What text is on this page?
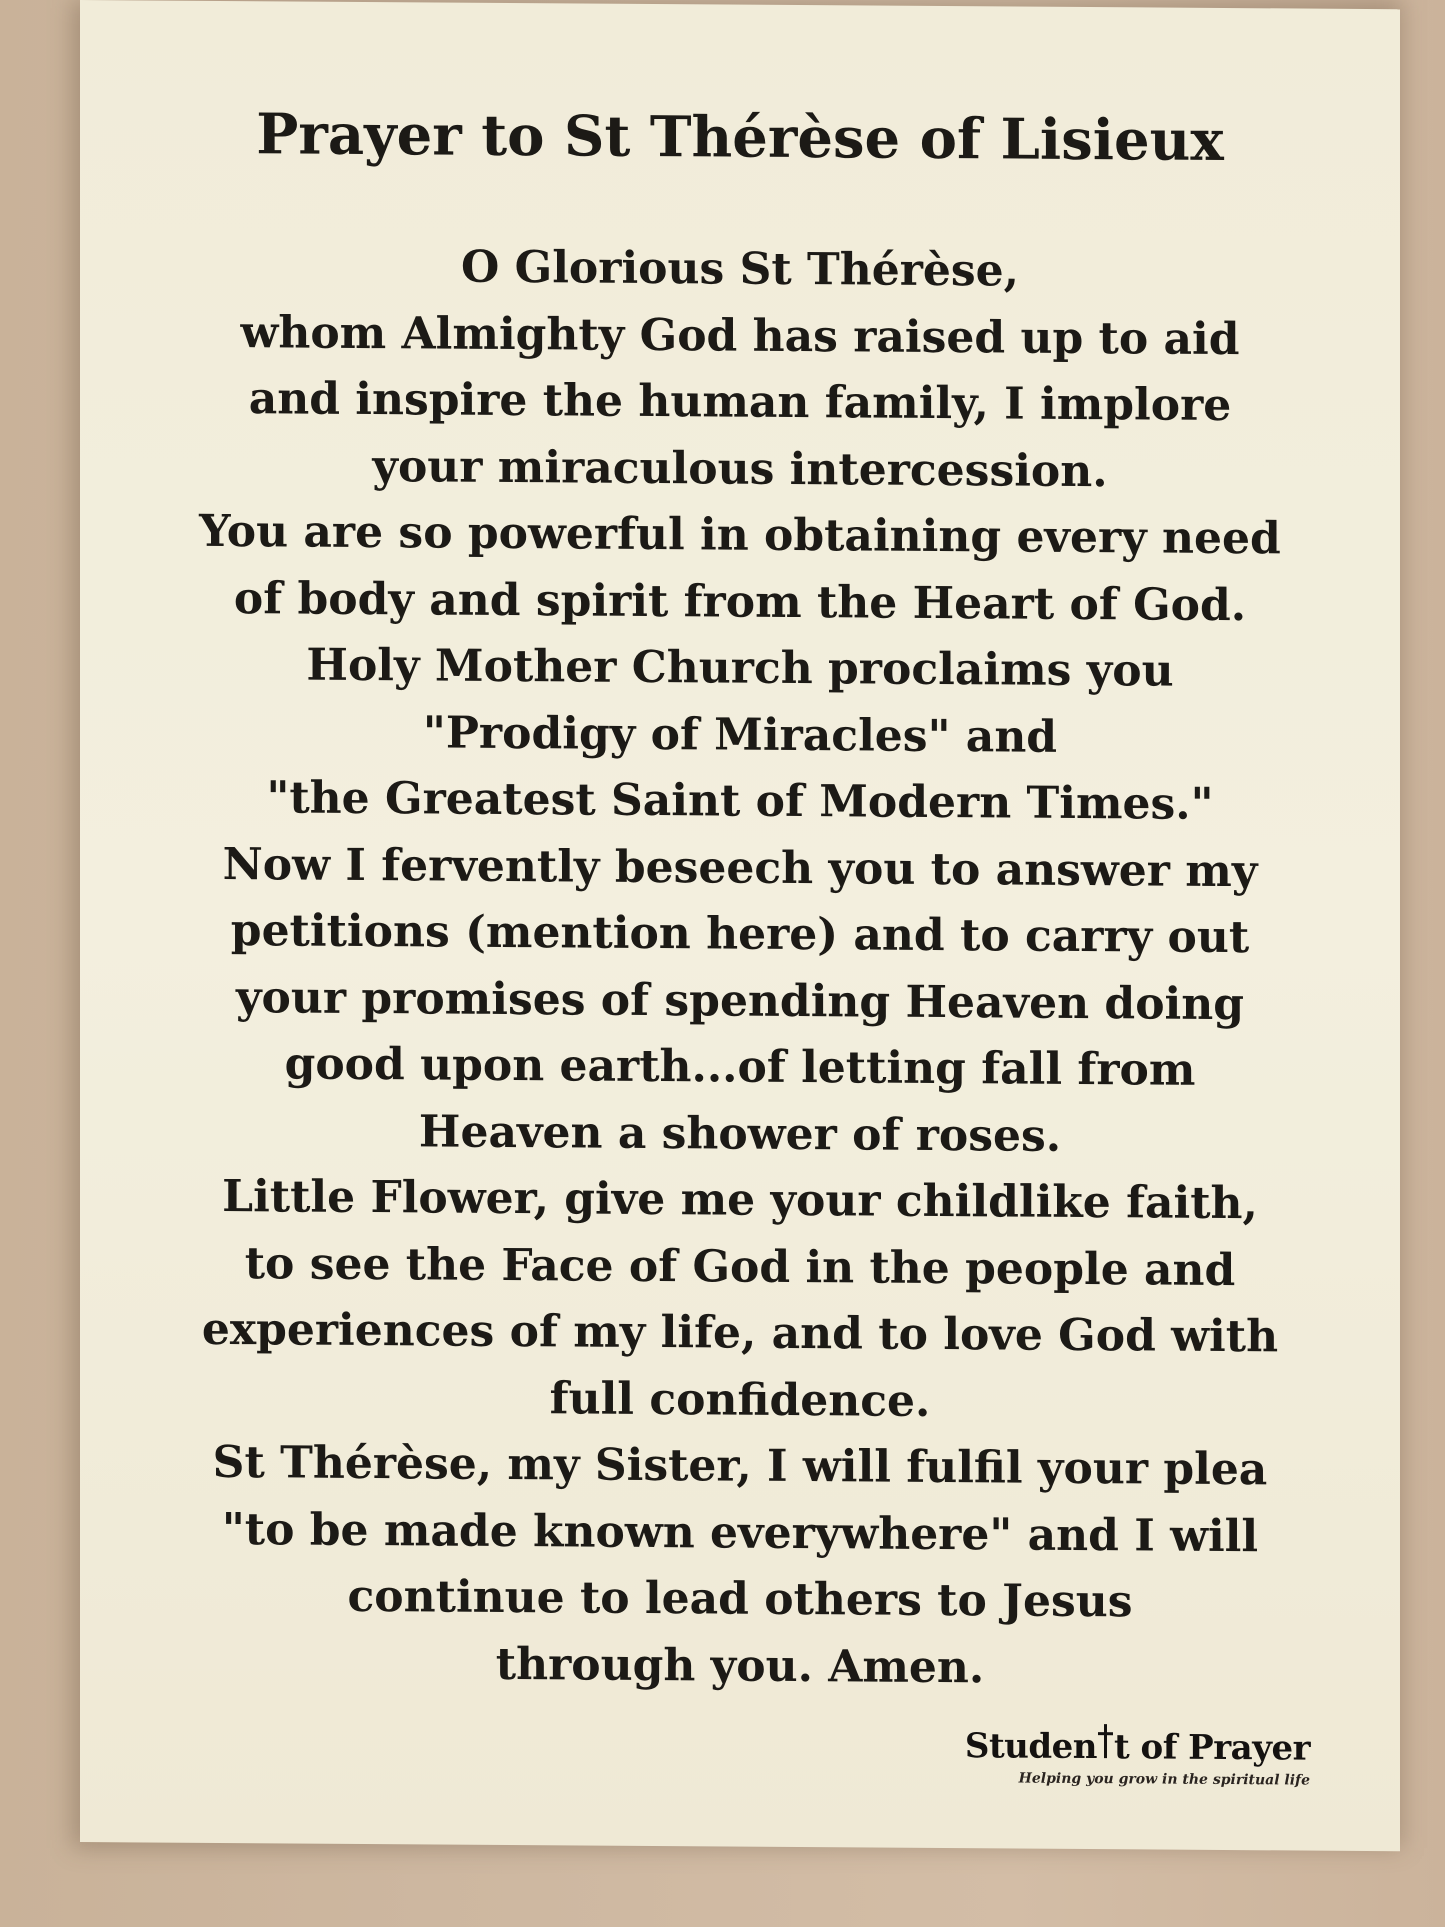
Prayer to St Thérèse of Lisieux
O Glorious St Thérèse,
whom Almighty God has raised up to aid
and inspire the human family, I implore
your miraculous intercession.
You are so powerful in obtaining every need
of body and spirit from the Heart of God.
Holy Mother Church proclaims you
"Prodigy of Miracles" and
"the Greatest Saint of Modern Times."
Now I fervently beseech you to answer my
petitions (mention here) and to carry out
your promises of spending Heaven doing
good upon earth...of letting fall from
Heaven a shower of roses.
Little Flower, give me your childlike faith,
to see the Face of God in the people and
experiences of my life, and to love God with
full confidence.
St Thérèse, my Sister, I will fulfil your plea
"to be made known everywhere" and I will
continue to lead others to Jesus
through you. Amen.
Studen t of Prayer
Helping you grow in the spiritual life
